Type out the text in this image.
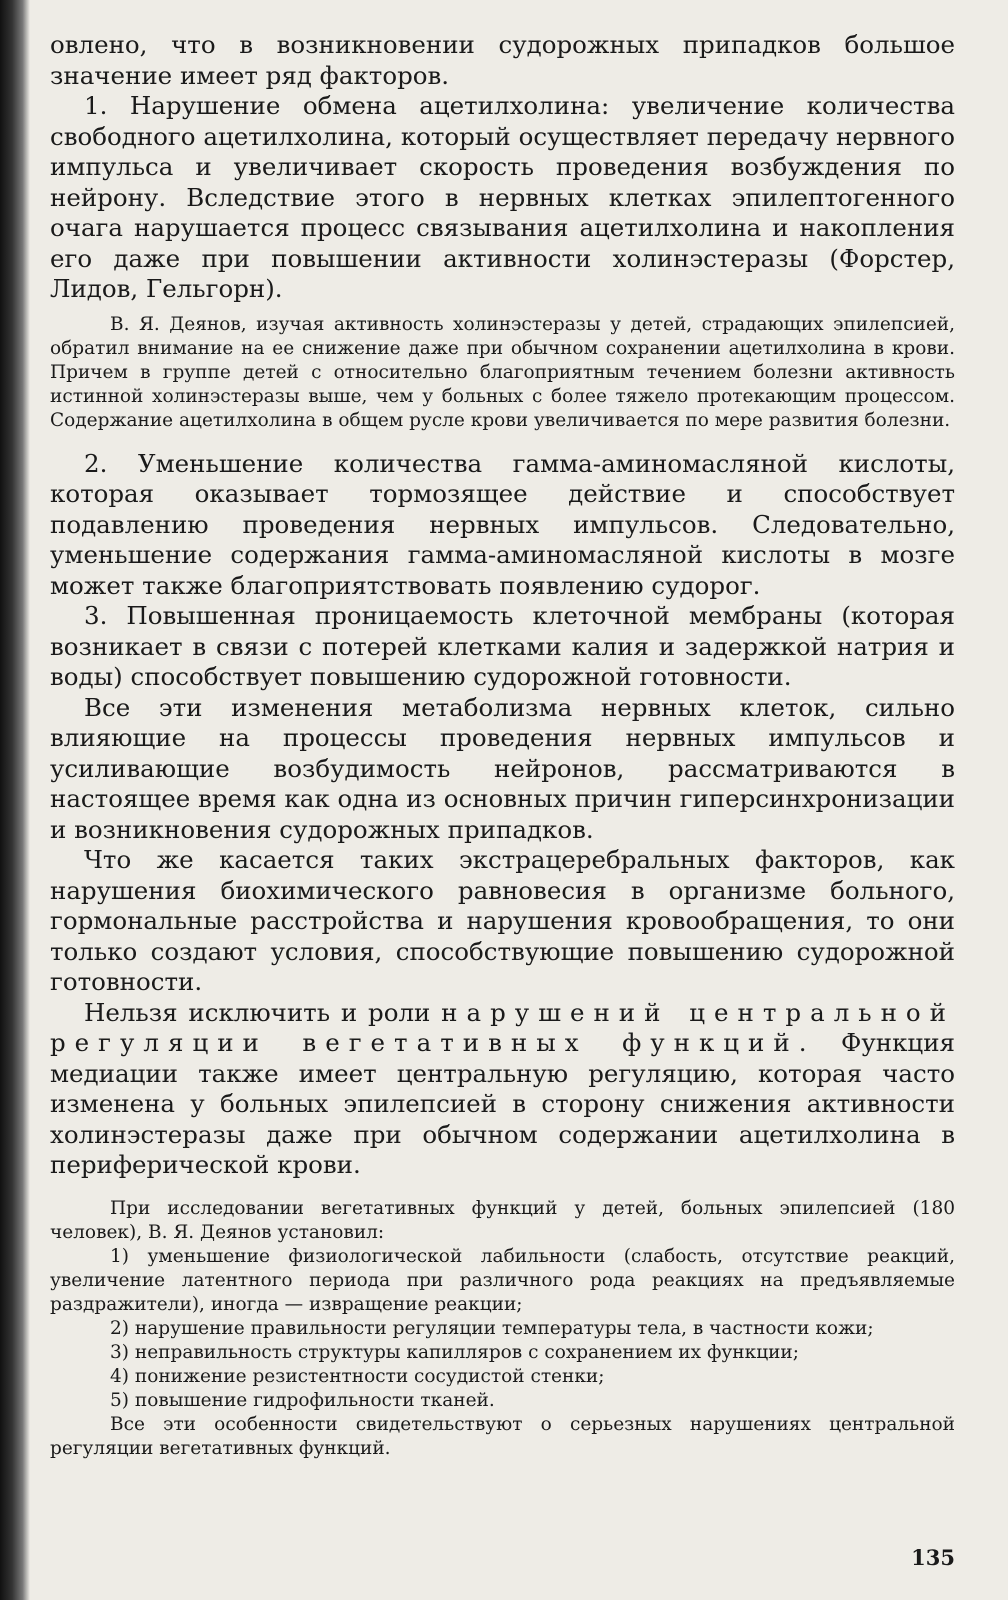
овлено, что в возникновении судорожных припадков большое значение имеет ряд факторов.

1. Нарушение обмена ацетилхолина: увеличение количества свободного ацетилхолина, который осуществляет передачу нервного импульса и увеличивает скорость проведения возбуждения по нейрону. Вследствие этого в нервных клетках эпилептогенного очага нарушается процесс связывания ацетилхолина и накопления его даже при повышении активности холинэстеразы (Форстер, Лидов, Гельгорн).

В. Я. Деянов, изучая активность холинэстеразы у детей, страдающих эпилепсией, обратил внимание на ее снижение даже при обычном сохранении ацетилхолина в крови. Причем в группе детей с относительно благоприятным течением болезни активность истинной холинэстеразы выше, чем у больных с более тяжело протекающим процессом. Содержание ацетилхолина в общем русле крови увеличивается по мере развития болезни.

2. Уменьшение количества гамма-аминомасляной кислоты, которая оказывает тормозящее действие и способствует подавлению проведения нервных импульсов. Следовательно, уменьшение содержания гамма-аминомасляной кислоты в мозге может также благоприятствовать появлению судорог.

3. Повышенная проницаемость клеточной мембраны (которая возникает в связи с потерей клетками калия и задержкой натрия и воды) способствует повышению судорожной готовности.

Все эти изменения метаболизма нервных клеток, сильно влияющие на процессы проведения нервных импульсов и усиливающие возбудимость нейронов, рассматриваются в настоящее время как одна из основных причин гиперсинхронизации и возникновения судорожных припадков.

Что же касается таких экстрацеребральных факторов, как нарушения биохимического равновесия в организме больного, гормональные расстройства и нарушения кровообращения, то они только создают условия, способствующие повышению судорожной готовности.

Нельзя исключить и роли нарушений центральной регуляции вегетативных функций. Функция медиации также имеет центральную регуляцию, которая часто изменена у больных эпилепсией в сторону снижения активности холинэстеразы даже при обычном содержании ацетилхолина в периферической крови.

При исследовании вегетативных функций у детей, больных эпилепсией (180 человек), В. Я. Деянов установил:

1) уменьшение физиологической лабильности (слабость, отсутствие реакций, увеличение латентного периода при различного рода реакциях на предъявляемые раздражители), иногда — извращение реакции;

2) нарушение правильности регуляции температуры тела, в частности кожи;

3) неправильность структуры капилляров с сохранением их функции;

4) понижение резистентности сосудистой стенки;

5) повышение гидрофильности тканей.

Все эти особенности свидетельствуют о серьезных нарушениях центральной регуляции вегетативных функций.

135
